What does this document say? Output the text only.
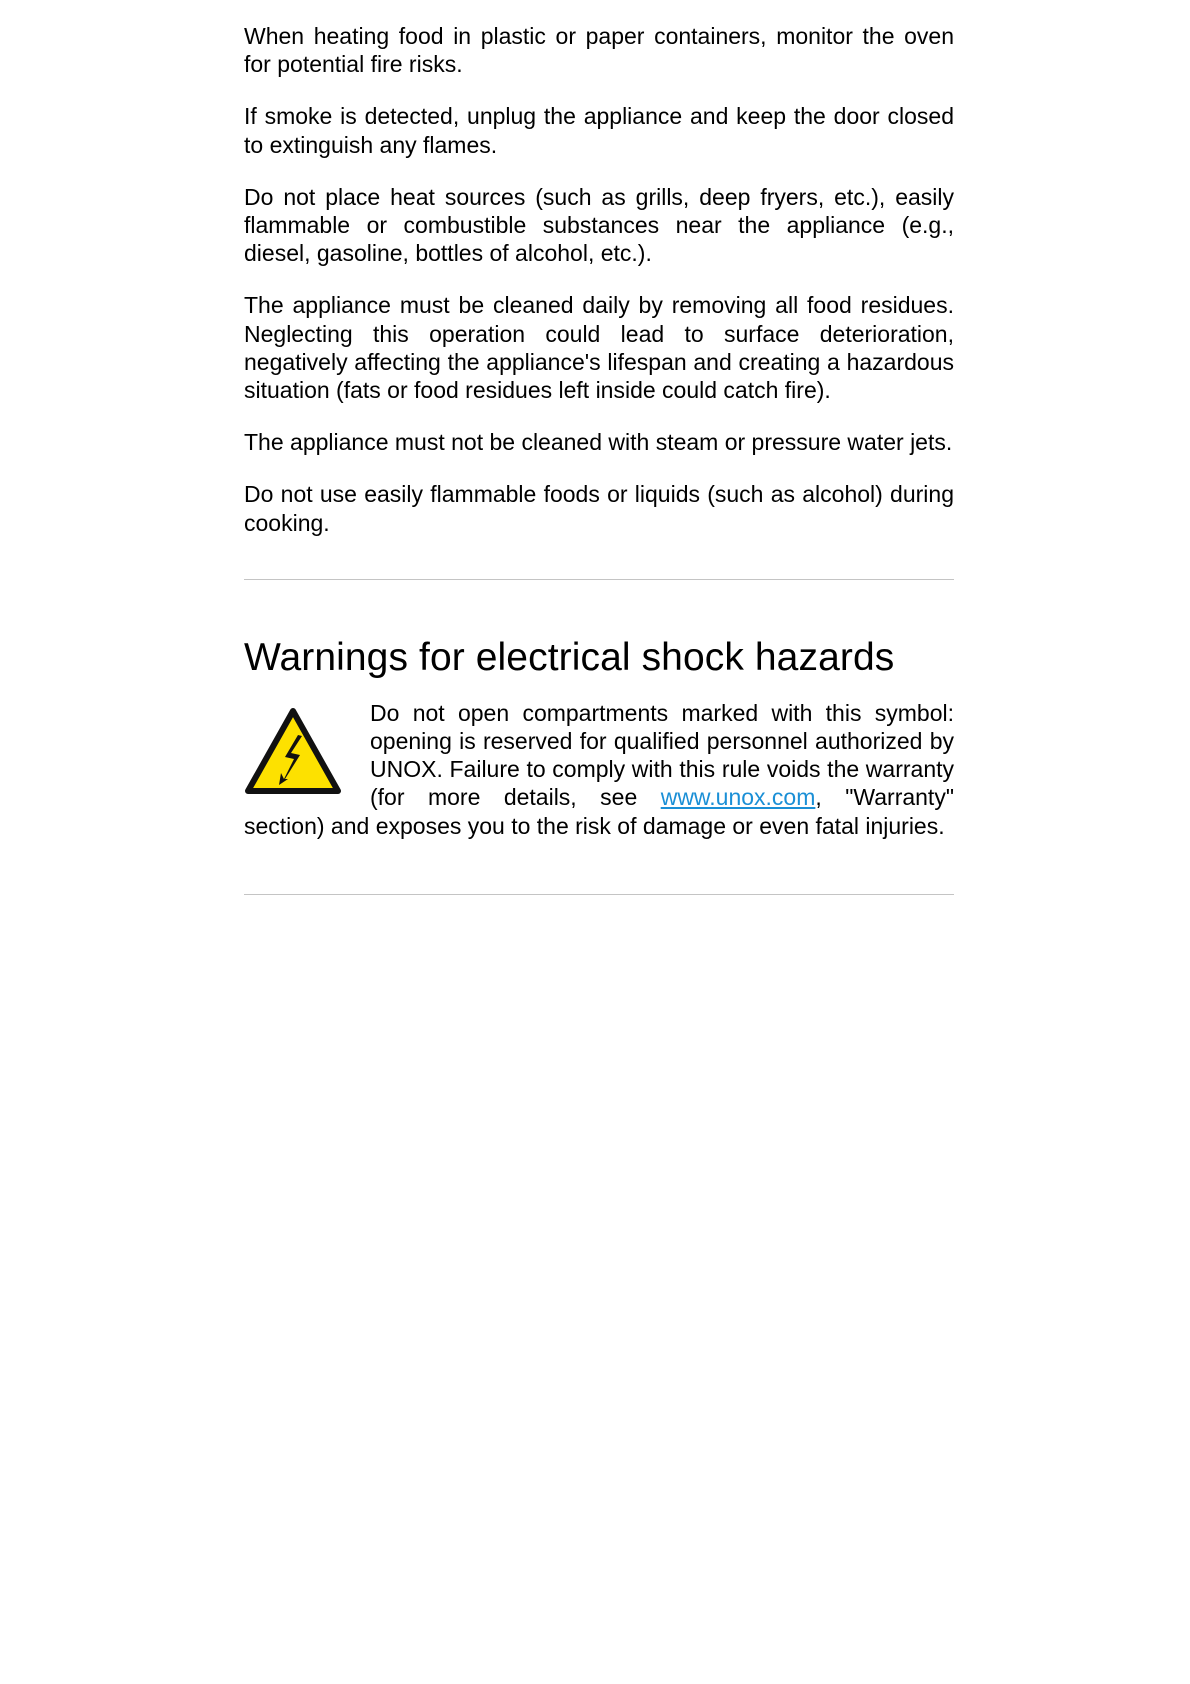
When heating food in plastic or paper containers, monitor the oven for potential fire risks.

If smoke is detected, unplug the appliance and keep the door closed to extinguish any flames.

Do not place heat sources (such as grills, deep fryers, etc.), easily flammable or combustible substances near the appliance (e.g., diesel, gasoline, bottles of alcohol, etc.).

The appliance must be cleaned daily by removing all food residues. Neglecting this operation could lead to surface deterioration, negatively affecting the appliance's lifespan and creating a hazardous situation (fats or food residues left inside could catch fire).

The appliance must not be cleaned with steam or pressure water jets.

Do not use easily flammable foods or liquids (such as alcohol) during cooking.

Warnings for electrical shock hazards
Do not open compartments marked with this symbol: opening is reserved for qualified personnel authorized by UNOX. Failure to comply with this rule voids the warranty (for more details, see www.unox.com, "Warranty" section) and exposes you to the risk of damage or even fatal injuries.
